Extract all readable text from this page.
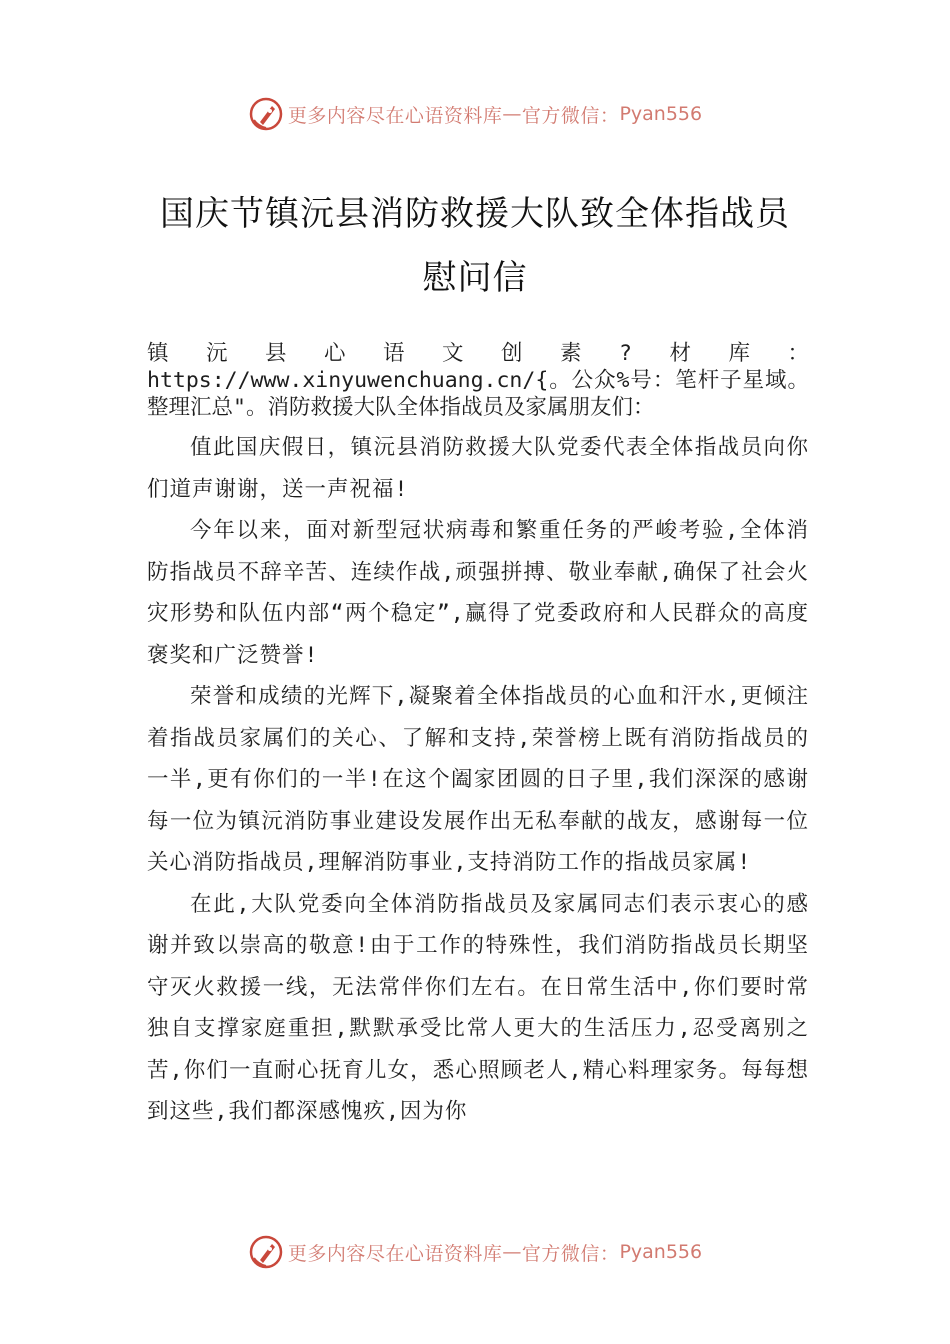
更多内容尽在心语资料库 — 官方微信： Pyan556
国庆节镇沅县消防救援大队致全体指战员
慰问信

镇沅县心语文创素?材库：https://www.xinyuwenchuang.cn/{。公众%号：笔杆子星域。整理汇总"。消防救援大队全体指战员及家属朋友们：

值此国庆假日，镇沅县消防救援大队党委代表全体指战员向你们道声谢谢，送一声祝福!

今年以来，面对新型冠状病毒和繁重任务的严峻考验,全体消防指战员不辞辛苦、连续作战,顽强拼搏、敬业奉献,确保了社会火灾形势和队伍内部“两个稳定”,赢得了党委政府和人民群众的高度褒奖和广泛赞誉!

荣誉和成绩的光辉下,凝聚着全体指战员的心血和汗水,更倾注着指战员家属们的关心、了解和支持,荣誉榜上既有消防指战员的一半,更有你们的一半!在这个阖家团圆的日子里,我们深深的感谢每一位为镇沅消防事业建设发展作出无私奉献的战友，感谢每一位关心消防指战员,理解消防事业,支持消防工作的指战员家属!

在此,大队党委向全体消防指战员及家属同志们表示衷心的感谢并致以崇高的敬意!由于工作的特殊性，我们消防指战员长期坚守灭火救援一线，无法常伴你们左右。在日常生活中,你们要时常独自支撑家庭重担,默默承受比常人更大的生活压力,忍受离别之苦,你们一直耐心抚育儿女，悉心照顾老人,精心料理家务。每每想到这些,我们都深感愧疚,因为你

更多内容尽在心语资料库 — 官方微信： Pyan556
